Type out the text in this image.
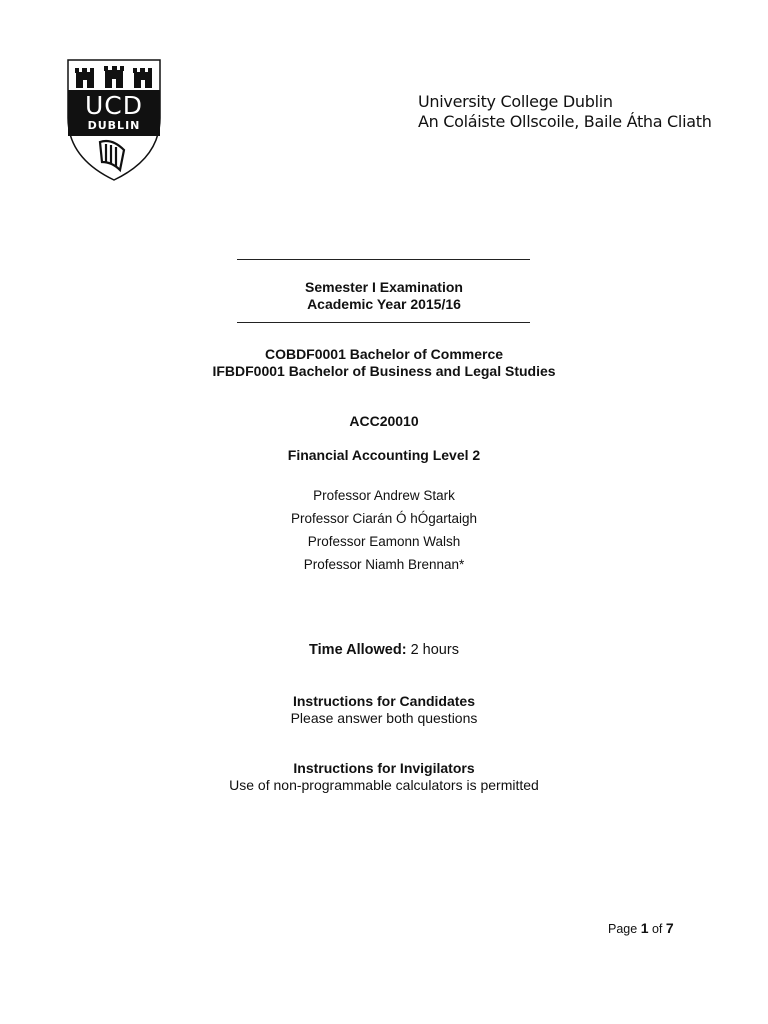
UCD
DUBLIN
University College Dublin
An Coláiste Ollscoile, Baile Átha Cliath
Semester I Examination
Academic Year 2015/16
COBDF0001 Bachelor of Commerce
IFBDF0001 Bachelor of Business and Legal Studies
ACC20010
Financial Accounting Level 2
Professor Andrew Stark
Professor Ciarán Ó hÓgartaigh
Professor Eamonn Walsh
Professor Niamh Brennan*
Time Allowed: 2 hours
Instructions for Candidates
Please answer both questions
Instructions for Invigilators
Use of non-programmable calculators is permitted
Page 1 of 7
